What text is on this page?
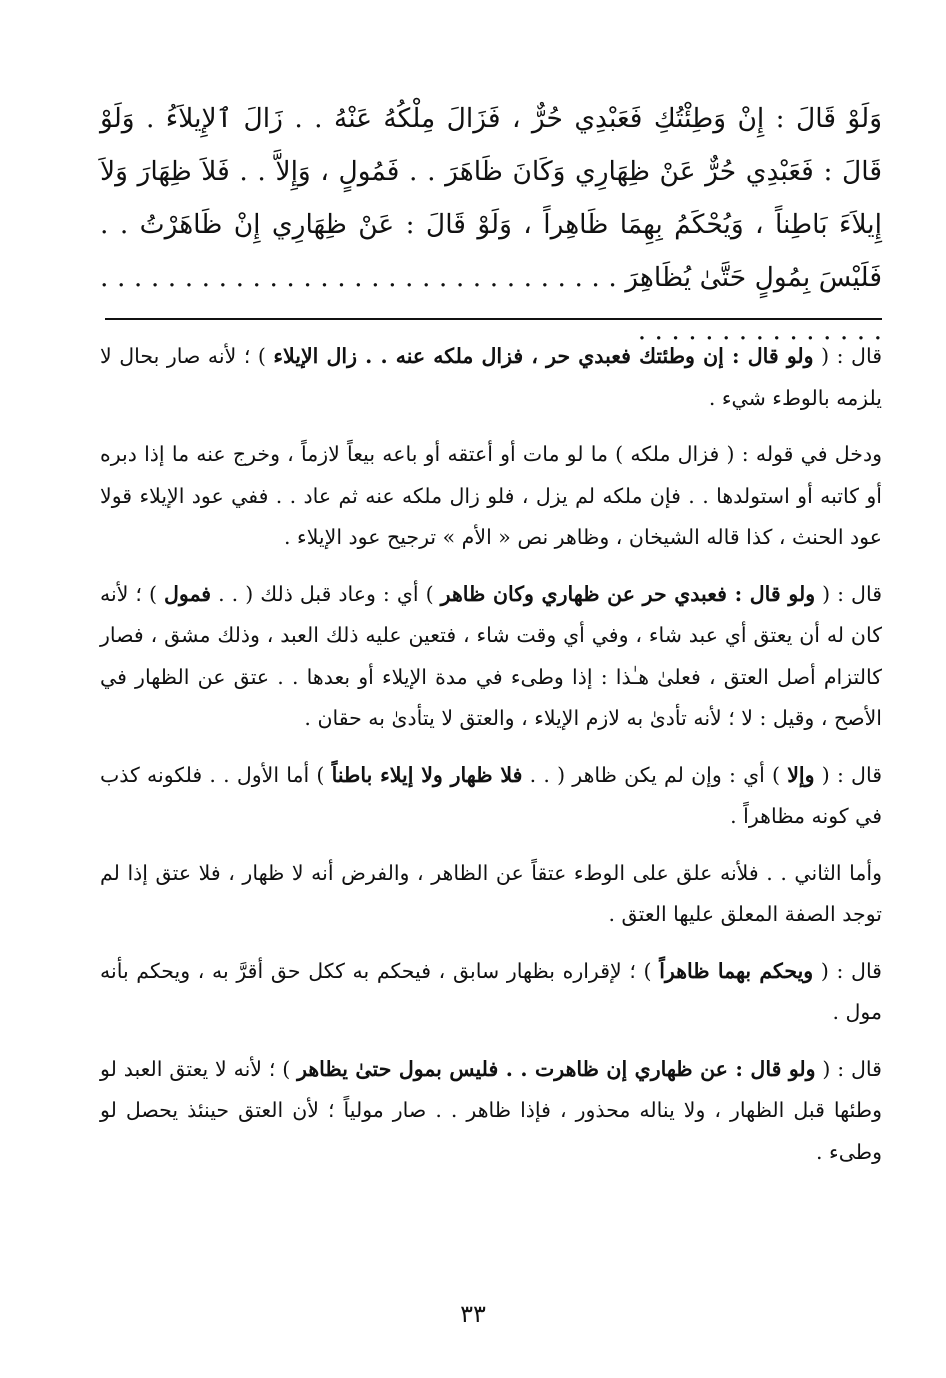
وَلَوْ قَالَ : إِنْ وَطِئْتُكِ فَعَبْدِي حُرٌّ ، فَزَالَ مِلْكُهُ عَنْهُ . . زَالَ ٱلإِيلاَءُ . وَلَوْ قَالَ : فَعَبْدِي حُرٌّ عَنْ ظِهَارِي وَكَانَ ظَاهَرَ . . فَمُولٍ ، وَإِلاَّ . . فَلاَ ظِهَارَ وَلاَ إِيلاَءَ بَاطِناً ، وَيُحْكَمُ بِهِمَا ظَاهِراً ، وَلَوْ قَالَ : عَنْ ظِهَارِي إِنْ ظَاهَرْتُ . . فَلَيْسَ بِمُولٍ حَتَّىٰ يُظَاهِرَ . . . . . . . . . . . . . . . . . . . . . . . . . . . . . . . . . . . . . . . . . . . . . .

قال : ( ولو قال : إن وطئتك فعبدي حر ، فزال ملكه عنه . . زال الإيلاء ) ؛ لأنه صار بحال لا يلزمه بالوطء شيء .

ودخل في قوله : ( فزال ملكه ) ما لو مات أو أعتقه أو باعه بيعاً لازماً ، وخرج عنه ما إذا دبره أو كاتبه أو استولدها . . فإن ملكه لم يزل ، فلو زال ملكه عنه ثم عاد . . ففي عود الإيلاء قولا عود الحنث ، كذا قاله الشيخان ، وظاهر نص « الأم » ترجيح عود الإيلاء .

قال : ( ولو قال : فعبدي حر عن ظهاري وكان ظاهر ) أي : وعاد قبل ذلك ( . . فمول ) ؛ لأنه كان له أن يعتق أي عبد شاء ، وفي أي وقت شاء ، فتعين عليه ذلك العبد ، وذلك مشق ، فصار كالتزام أصل العتق ، فعلىٰ هـٰذا : إذا وطىء في مدة الإيلاء أو بعدها . . عتق عن الظهار في الأصح ، وقيل : لا ؛ لأنه تأدىٰ به لازم الإيلاء ، والعتق لا يتأدىٰ به حقان .

قال : ( وإلا ) أي : وإن لم يكن ظاهر ( . . فلا ظهار ولا إيلاء باطناً ) أما الأول . . فلكونه كذب في كونه مظاهراً .

وأما الثاني . . فلأنه علق على الوطء عتقاً عن الظاهر ، والفرض أنه لا ظهار ، فلا عتق إذا لم توجد الصفة المعلق عليها العتق .

قال : ( ويحكم بهما ظاهراً ) ؛ لإقراره بظهار سابق ، فيحكم به ككل حق أقرَّ به ، ويحكم بأنه مول .

قال : ( ولو قال : عن ظهاري إن ظاهرت . . فليس بمول حتىٰ يظاهر ) ؛ لأنه لا يعتق العبد لو وطئها قبل الظهار ، ولا يناله محذور ، فإذا ظاهر . . صار مولياً ؛ لأن العتق حينئذ يحصل لو وطىء .

٣٣
